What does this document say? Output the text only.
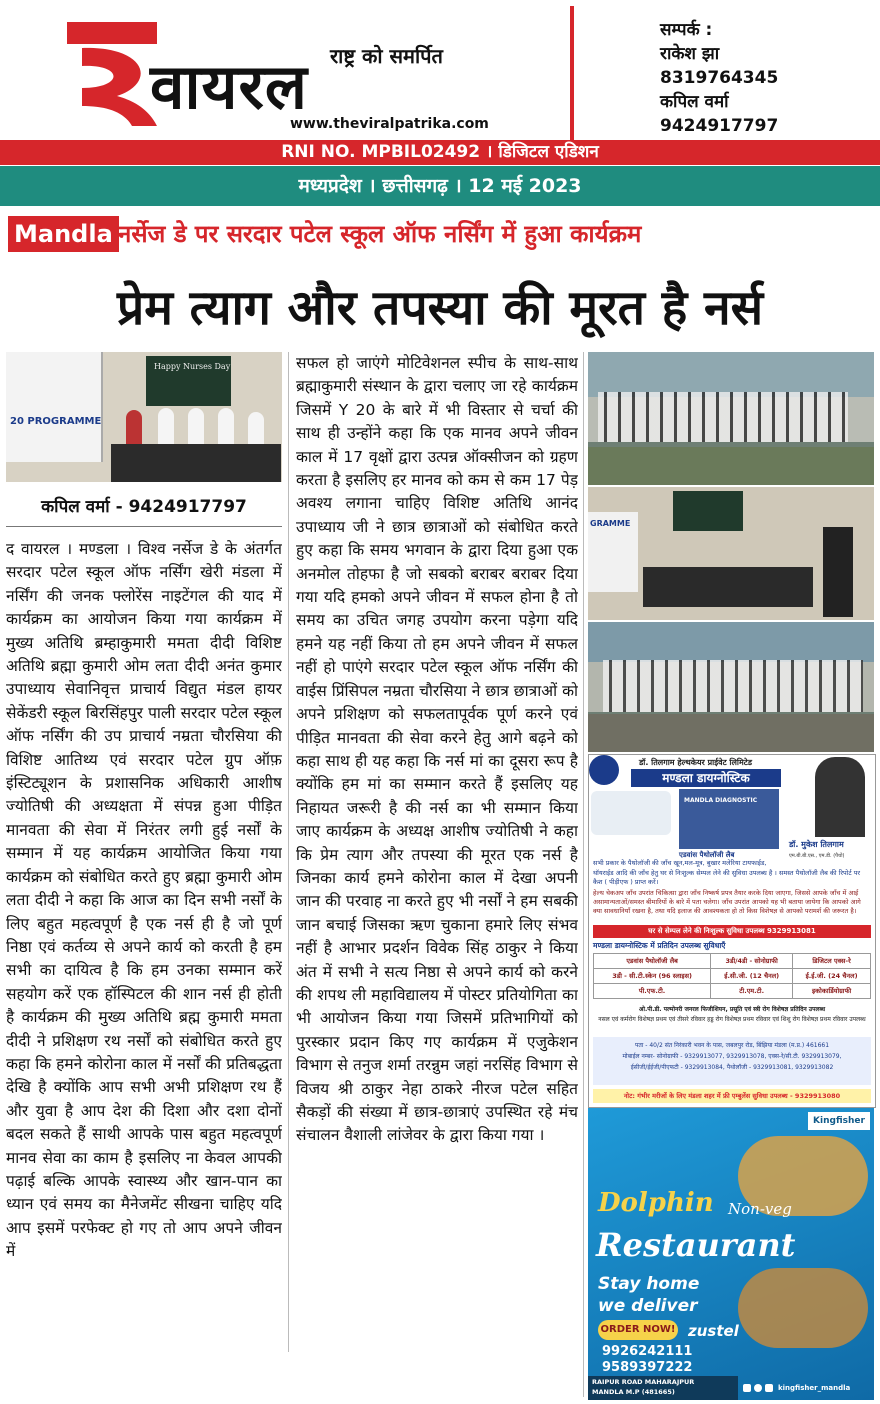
राष्ट्र को समर्पित
वायरल
www.theviralpatrika.com
सम्पर्क :
राकेश झा
8319764345
कपिल वर्मा
9424917797
RNI NO. MPBIL02492 । डिजिटल एडिशन
मध्यप्रदेश । छत्तीसगढ़ । 12 मई 2023
Mandla नर्सेज डे पर सरदार पटेल स्कूल ऑफ नर्सिंग में हुआ कार्यक्रम
प्रेम त्याग और तपस्या की मूरत है नर्स
20 PROGRAMME
Happy Nurses Day
कपिल वर्मा - 9424917797
द वायरल । मण्डला । विश्व नर्सेज डे के अंतर्गत सरदार पटेल स्कूल ऑफ नर्सिंग खेरी मंडला में नर्सिंग की जनक फ्लोरेंस नाइटेंगल की याद में कार्यक्रम का आयोजन किया गया कार्यक्रम में मुख्य अतिथि ब्रम्हाकुमारी ममता दीदी विशिष्ट अतिथि ब्रह्मा कुमारी ओम लता दीदी अनंत कुमार उपाध्याय सेवानिवृत्त प्राचार्य विद्युत मंडल हायर सेकेंडरी स्कूल बिरसिंहपुर पाली सरदार पटेल स्कूल ऑफ नर्सिंग की उप प्राचार्य नम्रता चौरसिया की विशिष्ट आतिथ्य एवं सरदार पटेल ग्रुप ऑफ़ इंस्टिट्यूशन के प्रशासनिक अधिकारी आशीष ज्योतिषी की अध्यक्षता में संपन्न हुआ पीड़ित मानवता की सेवा में निरंतर लगी हुई नर्सों के सम्मान में यह कार्यक्रम आयोजित किया गया कार्यक्रम को संबोधित करते हुए ब्रह्मा कुमारी ओम लता दीदी ने कहा कि आज का दिन सभी नर्सों के लिए बहुत महत्वपूर्ण है एक नर्स ही है जो पूर्ण निष्ठा एवं कर्तव्य से अपने कार्य को करती है हम सभी का दायित्व है कि हम उनका सम्मान करें सहयोग करें एक हॉस्पिटल की शान नर्स ही होती है कार्यक्रम की मुख्य अतिथि ब्रह्म कुमारी ममता दीदी ने प्रशिक्षण रथ नर्सों को संबोधित करते हुए कहा कि हमने कोरोना काल में नर्सों की प्रतिबद्धता देखि है क्योंकि आप सभी अभी प्रशिक्षण रथ हैं और युवा है आप देश की दिशा और दशा दोनों बदल सकते हैं साथी आपके पास बहुत महत्वपूर्ण मानव सेवा का काम है इसलिए ना केवल आपकी पढ़ाई बल्कि आपके स्वास्थ्य और खान-पान का ध्यान एवं समय का मैनेजमेंट सीखना चाहिए यदि आप इसमें परफेक्ट हो गए तो आप अपने जीवन में
सफल हो जाएंगे मोटिवेशनल स्पीच के साथ-साथ ब्रह्माकुमारी संस्थान के द्वारा चलाए जा रहे कार्यक्रम जिसमें Y 20 के बारे में भी विस्तार से चर्चा की साथ ही उन्होंने कहा कि एक मानव अपने जीवन काल में 17 वृक्षों द्वारा उत्पन्न ऑक्सीजन को ग्रहण करता है इसलिए हर मानव को कम से कम 17 पेड़ अवश्य लगाना चाहिए विशिष्ट अतिथि आनंद उपाध्याय जी ने छात्र छात्राओं को संबोधित करते हुए कहा कि समय भगवान के द्वारा दिया हुआ एक अनमोल तोहफा है जो सबको बराबर बराबर दिया गया यदि हमको अपने जीवन में सफल होना है तो समय का उचित जगह उपयोग करना पड़ेगा यदि हमने यह नहीं किया तो हम अपने जीवन में सफल नहीं हो पाएंगे सरदार पटेल स्कूल ऑफ नर्सिंग की वाईस प्रिंसिपल नम्रता चौरसिया ने छात्र छात्राओं को अपने प्रशिक्षण को सफलतापूर्वक पूर्ण करने एवं पीड़ित मानवता की सेवा करने हेतु आगे बढ़ने को कहा साथ ही यह कहा कि नर्स मां का दूसरा रूप है क्योंकि हम मां का सम्मान करते हैं इसलिए यह निहायत जरूरी है की नर्स का भी सम्मान किया जाए कार्यक्रम के अध्यक्ष आशीष ज्योतिषी ने कहा कि प्रेम त्याग और तपस्या की मूरत एक नर्स है जिनका कार्य हमने कोरोना काल में देखा अपनी जान की परवाह ना करते हुए भी नर्सों ने हम सबकी जान बचाई जिसका ऋण चुकाना हमारे लिए संभव नहीं है आभार प्रदर्शन विवेक सिंह ठाकुर ने किया अंत में सभी ने सत्य निष्ठा से अपने कार्य को करने की शपथ ली महाविद्यालय में पोस्टर प्रतियोगिता का भी आयोजन किया गया जिसमें प्रतिभागियों को पुरस्कार प्रदान किए गए कार्यक्रम में एजुकेशन विभाग से तनुज शर्मा तरन्नुम जहां नरसिंह विभाग से विजय श्री ठाकुर नेहा ठाकरे नीरज पटेल सहित सैकड़ों की संख्या में छात्र-छात्राएं उपस्थित रहे मंच संचालन वैशाली लांजेवर के द्वारा किया गया ।
GRAMME
डॉ. तिलगाम हेल्थकेयर प्राईवेट लिमिटेड
मण्डला डायग्नोस्टिक
MANDLA DIAGNOSTIC
एडवांस पैथोलॉजी लैब
डॉ. मुकेश तिलगाम
एम.बी.बी.एस., एम.डी. (पैथो)
सभी प्रकार के पैथोलॉजी की जाँच खून,मल-मूत्र, बुखार मलेरिया टायफाईड,
थॉयराईड आदि की जाँच हेतु घर से निःशुल्क सेम्पल लेने की सुविधा उपलब्ध है । समस्त पैथोलॉजी लैब की रिपोर्ट पर कैश ( पीड़ीएफ ) प्राप्त करें।
हेल्थ चेकअप जाँच उपरांत चिकित्सा द्वारा जाँच निष्कर्ष प्रपत्र तैयार करके दिया जाएगा, जिससे आपके जाँच में आई असामान्यताओं/समस्त बीमारियों के बारे में पता चलेगा। जाँच उपरांत आपको यह भी बताया जायेगा कि आपको आगे क्या सावधानियाँ रखना है, तथा यदि इलाज की आवश्यकता हो तो किस विशेषज्ञ से आपको परामर्श की जरूरत है।
घर से सेम्पल लेने की निःशुल्क सुविधा उपलब्ध 9329913081
मण्डला डायग्नोस्टिक में प्रतिदिन उपलब्ध सुविधाएँ
एडवांस पैथोलॉजी लैब	3डी/4डी - सोनोग्राफी	डिजिटल एक्स-रे
3डी - सी.टी.स्केन (96 स्लाइस)	ई.सी.जी. (12 चैनल)	ई.ई.जी. (24 चैनल)
पी.एफ.टी.	टी.एम.टी.	इकोकार्डियोग्राफी
ओ.पी.डी. पल्मोनरी जनरल फिजीशियन, प्रसूति एवं स्त्री रोग विशेषज्ञ प्रतिदिन उपलब्ध
नसल एवं कर्मरोग विशेषज्ञ प्रथम एवं तीसरे रविवार हड्ड रोग विशेषज्ञ प्रथम रविवार एवं शिशु रोग विशेषज्ञ प्रथम रविवार उपलब्ध
पता - 40/2 संत निरंकारी भवन के पास, जबलपुर रोड, बिंझिया मंडला (म.प्र.) 461661
मोबाईल नम्बर- सोनोग्राफी - 9329913077, 9329913078, एक्स-रे/सी.टी. 9329913079,
ईसीजी/ईईजी/पीएफटी - 9329913084, पैथोलॉजी - 9329913081, 9329913082
नोट: गंभीर मरीजों के लिए मंडला शहर में फ्री एम्बुलेंस सुविधा उपलब्ध - 9329913080
Kingfisher
Dolphin Non-veg
Restaurant
Stay home
we deliver
ORDER NOW! zustel
9926242111
9589397222
RAIPUR ROAD MAHARAJPUR
MANDLA M.P (481665)	kingfisher_mandla
